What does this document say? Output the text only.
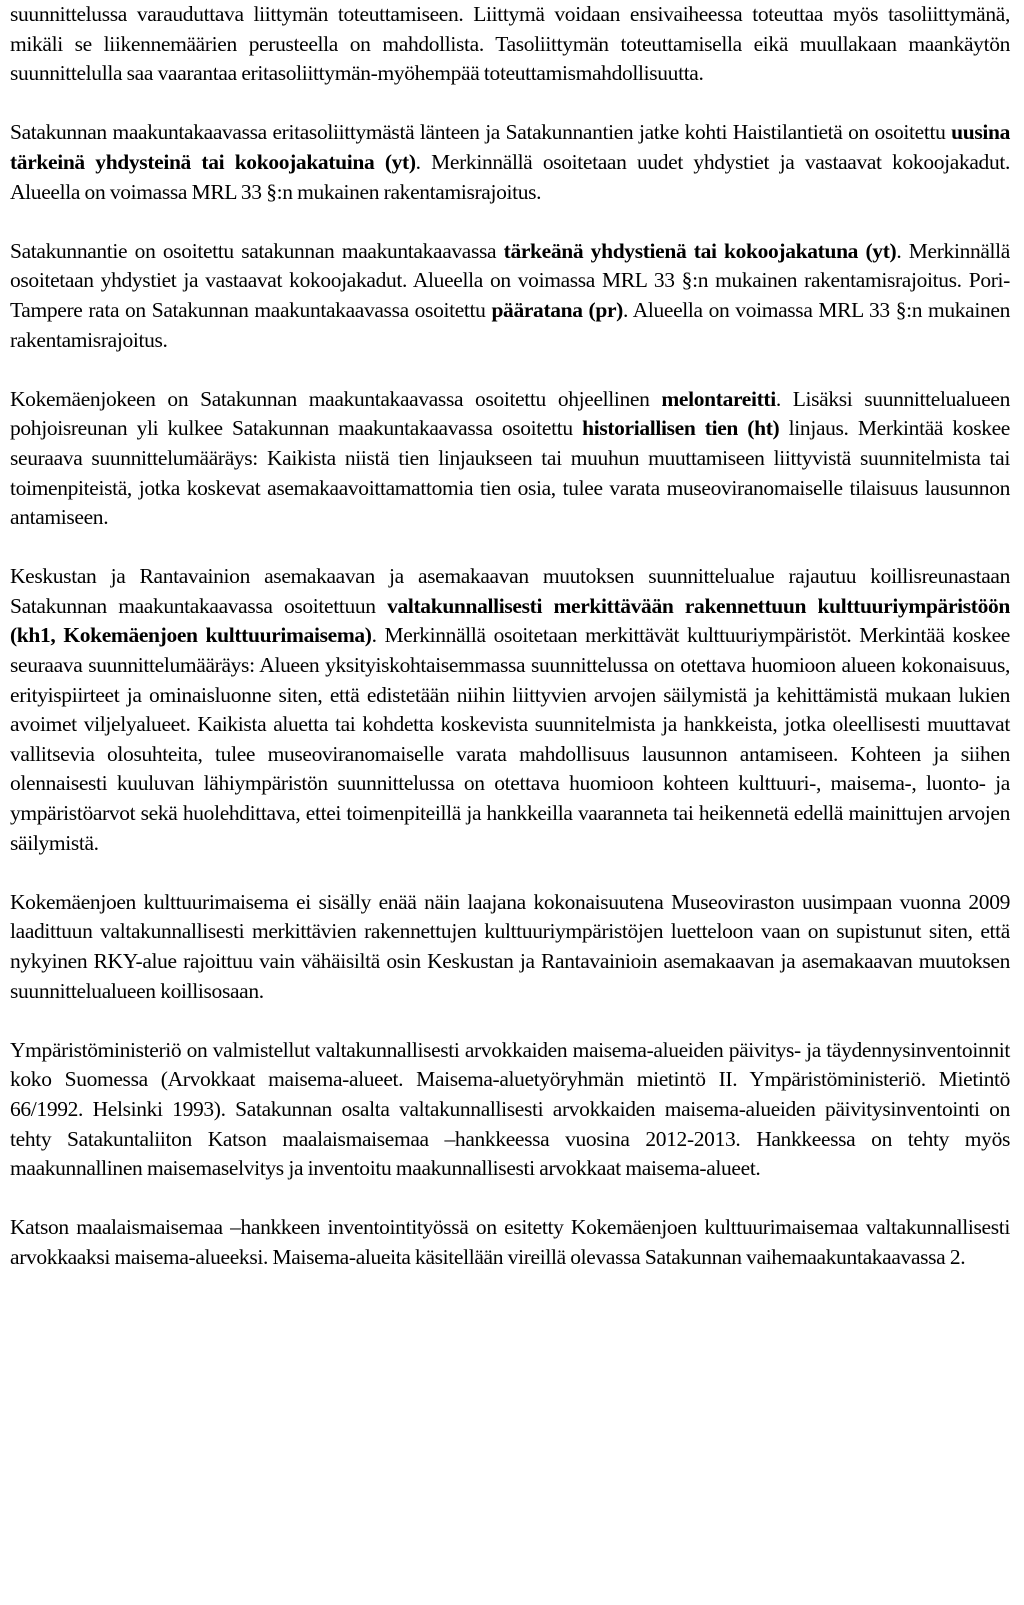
suunnittelussa varauduttava liittymän toteuttamiseen. Liittymä voidaan ensivaiheessa toteuttaa myös tasoliittymänä, mikäli se liikennemäärien perusteella on mahdollista. Tasoliittymän toteuttamisella eikä muullakaan maankäytön suunnittelulla saa vaarantaa eritasoliittymän-myöhempää toteuttamismahdollisuutta.

Satakunnan maakuntakaavassa eritasoliittymästä länteen ja Satakunnantien jatke kohti Haistilantietä on osoitettu uusina tärkeinä yhdysteinä tai kokoojakatuina (yt). Merkinnällä osoitetaan uudet yhdystiet ja vastaavat kokoojakadut. Alueella on voimassa MRL 33 §:n mukainen rakentamisrajoitus.

Satakunnantie on osoitettu satakunnan maakuntakaavassa tärkeänä yhdystienä tai kokoojakatuna (yt). Merkinnällä osoitetaan yhdystiet ja vastaavat kokoojakadut. Alueella on voimassa MRL 33 §:n mukainen rakentamisrajoitus. Pori-Tampere rata on Satakunnan maakuntakaavassa osoitettu pääratana (pr). Alueella on voimassa MRL 33 §:n mukainen rakentamisrajoitus.

Kokemäenjokeen on Satakunnan maakuntakaavassa osoitettu ohjeellinen melontareitti. Lisäksi suunnittelualueen pohjoisreunan yli kulkee Satakunnan maakuntakaavassa osoitettu historiallisen tien (ht) linjaus. Merkintää koskee seuraava suunnittelumääräys: Kaikista niistä tien linjaukseen tai muuhun muuttamiseen liittyvistä suunnitelmista tai toimenpiteistä, jotka koskevat asemakaavoittamattomia tien osia, tulee varata museoviranomaiselle tilaisuus lausunnon antamiseen.

Keskustan ja Rantavainion asemakaavan ja asemakaavan muutoksen suunnittelualue rajautuu koillisreunastaan Satakunnan maakuntakaavassa osoitettuun valtakunnallisesti merkittävään rakennettuun kulttuuriympäristöön (kh1, Kokemäenjoen kulttuurimaisema). Merkinnällä osoitetaan merkittävät kulttuuriympäristöt. Merkintää koskee seuraava suunnittelumääräys: Alueen yksityiskohtaisemmassa suunnittelussa on otettava huomioon alueen kokonaisuus, erityispiirteet ja ominaisluonne siten, että edistetään niihin liittyvien arvojen säilymistä ja kehittämistä mukaan lukien avoimet viljelyalueet. Kaikista aluetta tai kohdetta koskevista suunnitelmista ja hankkeista, jotka oleellisesti muuttavat vallitsevia olosuhteita, tulee museoviranomaiselle varata mahdollisuus lausunnon antamiseen. Kohteen ja siihen olennaisesti kuuluvan lähiympäristön suunnittelussa on otettava huomioon kohteen kulttuuri-, maisema-, luonto- ja ympäristöarvot sekä huolehdittava, ettei toimenpiteillä ja hankkeilla vaaranneta tai heikennetä edellä mainittujen arvojen säilymistä.

Kokemäenjoen kulttuurimaisema ei sisälly enää näin laajana kokonaisuutena Museoviraston uusimpaan vuonna 2009 laadittuun valtakunnallisesti merkittävien rakennettujen kulttuuriympäristöjen luetteloon vaan on supistunut siten, että nykyinen RKY-alue rajoittuu vain vähäisiltä osin Keskustan ja Rantavainioin asemakaavan ja asemakaavan muutoksen suunnittelualueen koillisosaan.

Ympäristöministeriö on valmistellut valtakunnallisesti arvokkaiden maisema-alueiden päivitys- ja täydennysinventoinnit koko Suomessa (Arvokkaat maisema-alueet. Maisema-aluetyöryhmän mietintö II. Ympäristöministeriö. Mietintö 66/1992. Helsinki 1993). Satakunnan osalta valtakunnallisesti arvokkaiden maisema-alueiden päivitysinventointi on tehty Satakuntaliiton Katson maalaismaisemaa –hankkeessa vuosina 2012-2013. Hankkeessa on tehty myös maakunnallinen maisemaselvitys ja inventoitu maakunnallisesti arvokkaat maisema-alueet.

Katson maalaismaisemaa –hankkeen inventointityössä on esitetty Kokemäenjoen kulttuurimaisemaa valtakunnallisesti arvokkaaksi maisema-alueeksi. Maisema-alueita käsitellään vireillä olevassa Satakunnan vaihemaakuntakaavassa 2.
